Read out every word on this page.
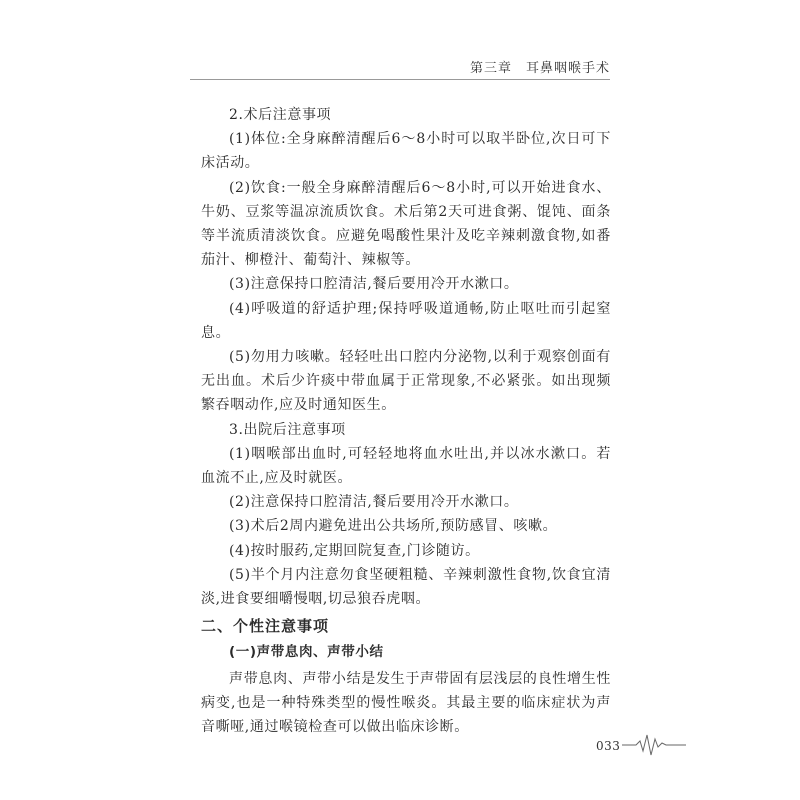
第三章 耳鼻咽喉手术

2.术后注意事项

(1)体位:全身麻醉清醒后6～8小时可以取半卧位,次日可下床活动。

(2)饮食:一般全身麻醉清醒后6～8小时,可以开始进食水、牛奶、豆浆等温凉流质饮食。术后第2天可进食粥、馄饨、面条等半流质清淡饮食。应避免喝酸性果汁及吃辛辣刺激食物,如番茄汁、柳橙汁、葡萄汁、辣椒等。

(3)注意保持口腔清洁,餐后要用冷开水漱口。

(4)呼吸道的舒适护理;保持呼吸道通畅,防止呕吐而引起窒息。

(5)勿用力咳嗽。轻轻吐出口腔内分泌物,以利于观察创面有无出血。术后少许痰中带血属于正常现象,不必紧张。如出现频繁吞咽动作,应及时通知医生。

3.出院后注意事项

(1)咽喉部出血时,可轻轻地将血水吐出,并以冰水漱口。若血流不止,应及时就医。

(2)注意保持口腔清洁,餐后要用冷开水漱口。

(3)术后2周内避免进出公共场所,预防感冒、咳嗽。

(4)按时服药,定期回院复查,门诊随访。

(5)半个月内注意勿食坚硬粗糙、辛辣刺激性食物,饮食宜清淡,进食要细嚼慢咽,切忌狼吞虎咽。

二、个性注意事项

(一)声带息肉、声带小结

声带息肉、声带小结是发生于声带固有层浅层的良性增生性病变,也是一种特殊类型的慢性喉炎。其最主要的临床症状为声音嘶哑,通过喉镜检查可以做出临床诊断。

033
